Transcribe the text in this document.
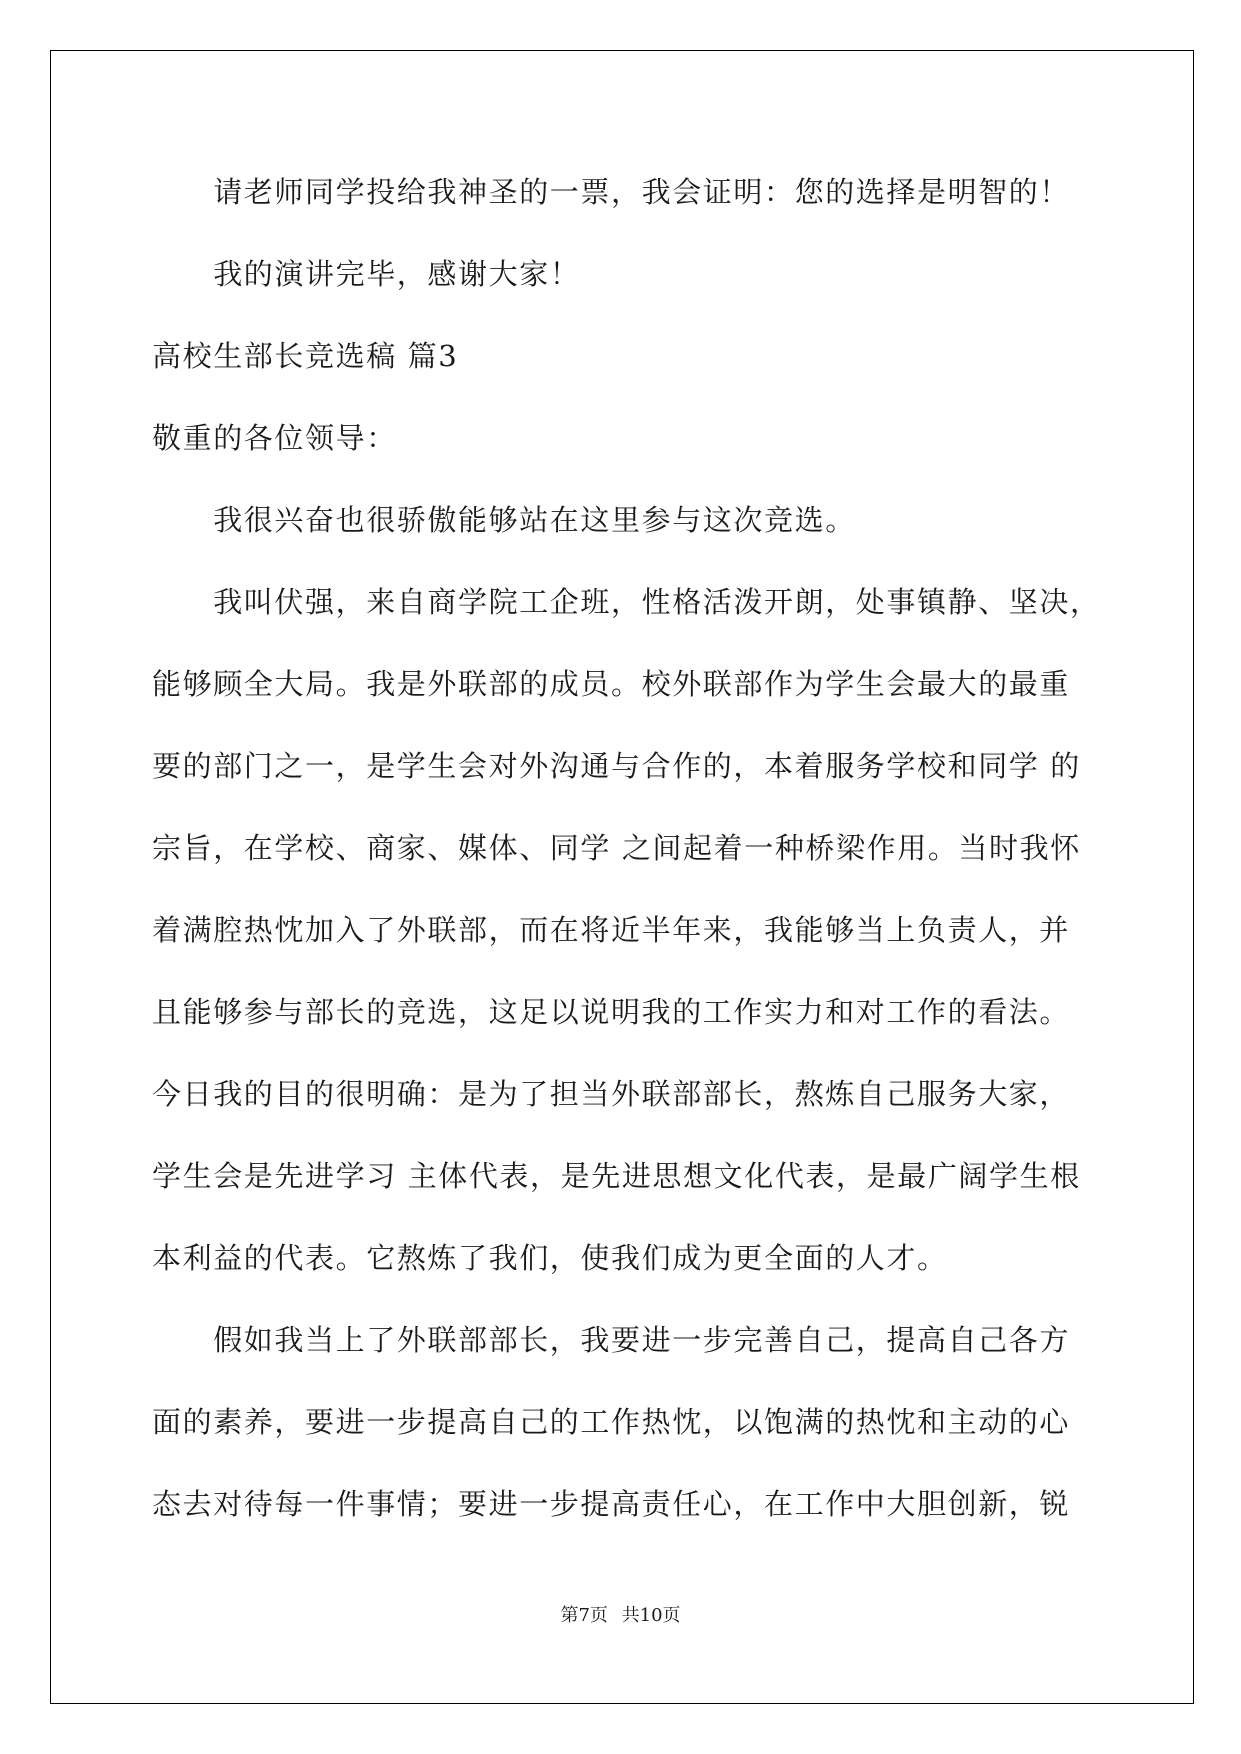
　　请老师同学投给我神圣的一票，我会证明：您的选择是明智的！
　　我的演讲完毕，感谢大家！
高校生部长竞选稿 篇3
敬重的各位领导：
　　我很兴奋也很骄傲能够站在这里参与这次竞选。
　　我叫伏强，来自商学院工企班，性格活泼开朗，处事镇静、坚决，
能够顾全大局。我是外联部的成员。校外联部作为学生会最大的最重
要的部门之一，是学生会对外沟通与合作的，本着服务学校和同学 的
宗旨，在学校、商家、媒体、同学 之间起着一种桥梁作用。当时我怀
着满腔热忱加入了外联部，而在将近半年来，我能够当上负责人，并
且能够参与部长的竞选，这足以说明我的工作实力和对工作的看法。
今日我的目的很明确：是为了担当外联部部长，熬炼自己服务大家，
学生会是先进学习 主体代表，是先进思想文化代表，是最广阔学生根
本利益的代表。它熬炼了我们，使我们成为更全面的人才。
　　假如我当上了外联部部长，我要进一步完善自己，提高自己各方
面的素养，要进一步提高自己的工作热忱，以饱满的热忱和主动的心
态去对待每一件事情；要进一步提高责任心，在工作中大胆创新，锐
第7页 共10页
